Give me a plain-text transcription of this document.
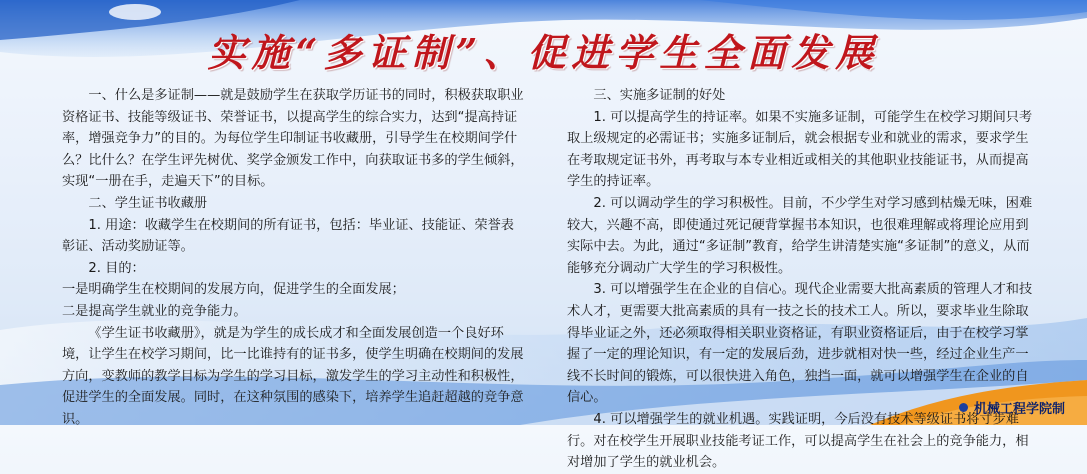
实施“多证制”、促进学生全面发展

一、什么是多证制——就是鼓励学生在获取学历证书的同时，积极获取职业资格证书、技能等级证书、荣誉证书，以提高学生的综合实力，达到“提高持证率，增强竞争力”的目的。为每位学生印制证书收藏册，引导学生在校期间学什么？比什么？在学生评先树优、奖学金颁发工作中，向获取证书多的学生倾斜，实现“一册在手，走遍天下”的目标。

二、学生证书收藏册

1. 用途：收藏学生在校期间的所有证书，包括：毕业证、技能证、荣誉表彰证、活动奖励证等。

2. 目的：

一是明确学生在校期间的发展方向，促进学生的全面发展；

二是提高学生就业的竞争能力。

《学生证书收藏册》，就是为学生的成长成才和全面发展创造一个良好环境，让学生在校学习期间，比一比谁持有的证书多，使学生明确在校期间的发展方向，变教师的教学目标为学生的学习目标，激发学生的学习主动性和积极性，促进学生的全面发展。同时，在这种氛围的感染下，培养学生追赶超越的竞争意识。

三、实施多证制的好处

1. 可以提高学生的持证率。如果不实施多证制，可能学生在校学习期间只考取上级规定的必需证书；实施多证制后，就会根据专业和就业的需求，要求学生在考取规定证书外，再考取与本专业相近或相关的其他职业技能证书，从而提高学生的持证率。

2. 可以调动学生的学习积极性。目前，不少学生对学习感到枯燥无味，困难较大，兴趣不高，即使通过死记硬背掌握书本知识，也很难理解或将理论应用到实际中去。为此，通过“多证制”教育，给学生讲清楚实施“多证制”的意义，从而能够充分调动广大学生的学习积极性。

3. 可以增强学生在企业的自信心。现代企业需要大批高素质的管理人才和技术人才，更需要大批高素质的具有一技之长的技术工人。所以，要求毕业生除取得毕业证之外，还必须取得相关职业资格证，有职业资格证后，由于在校学习掌握了一定的理论知识，有一定的发展后劲，进步就相对快一些，经过企业生产一线不长时间的锻炼，可以很快进入角色，独挡一面，就可以增强学生在企业的自信心。

4. 可以增强学生的就业机遇。实践证明，今后没有技术等级证书将寸步难行。对在校学生开展职业技能考证工作，可以提高学生在社会上的竞争能力，相对增加了学生的就业机会。

机械工程学院制
